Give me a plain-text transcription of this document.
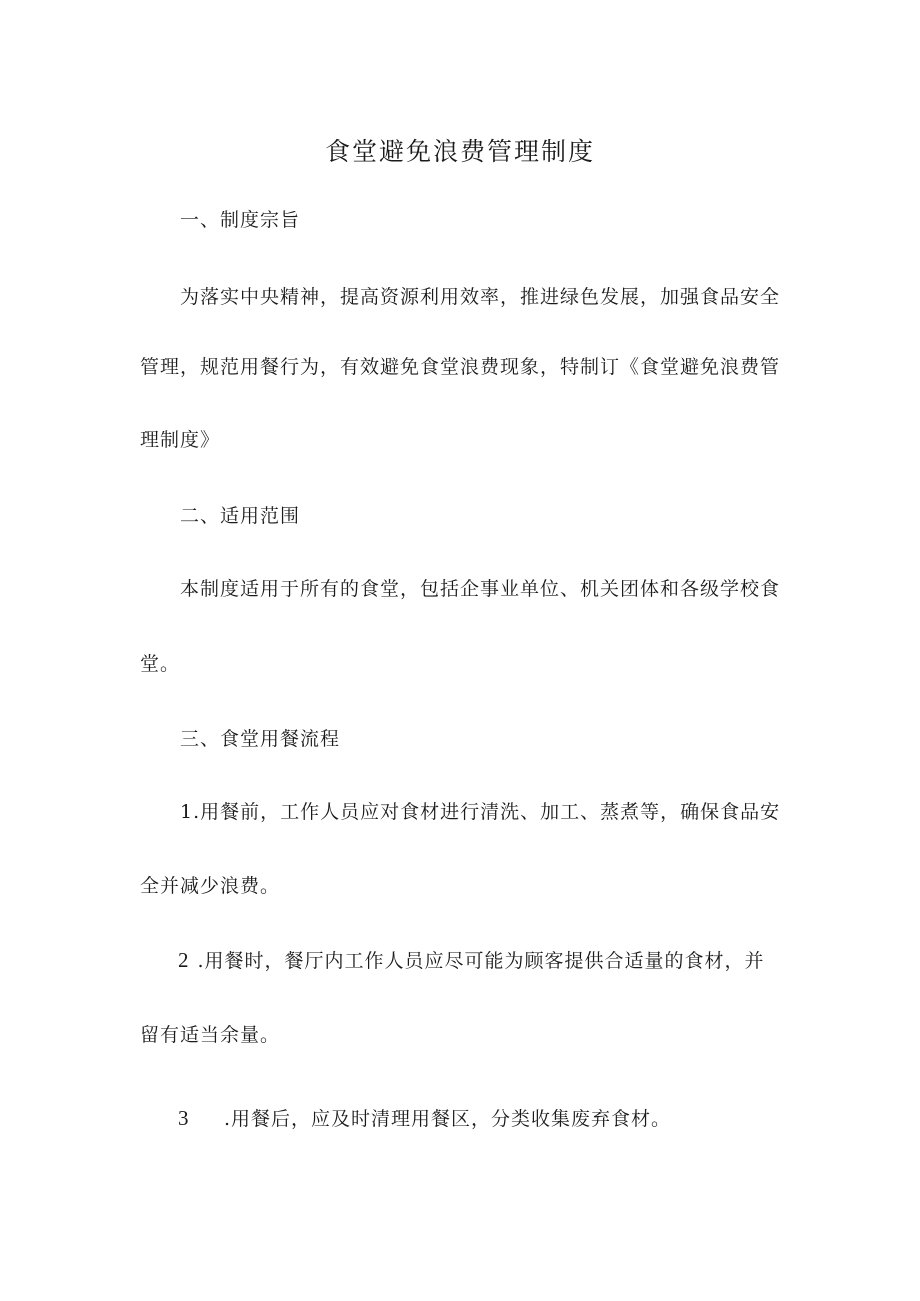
食堂避免浪费管理制度
一、制度宗旨
为落实中央精神，提高资源利用效率，推进绿色发展，加强食品安全
管理，规范用餐行为，有效避免食堂浪费现象，特制订《食堂避免浪费管
理制度》
二、适用范围
本制度适用于所有的食堂，包括企事业单位、机关团体和各级学校食
堂。
三、食堂用餐流程
1.用餐前，工作人员应对食材进行清洗、加工、蒸煮等，确保食品安
全并减少浪费。
2 .用餐时，餐厅内工作人员应尽可能为顾客提供合适量的食材，并
留有适当余量。
3 .用餐后，应及时清理用餐区，分类收集废弃食材。
